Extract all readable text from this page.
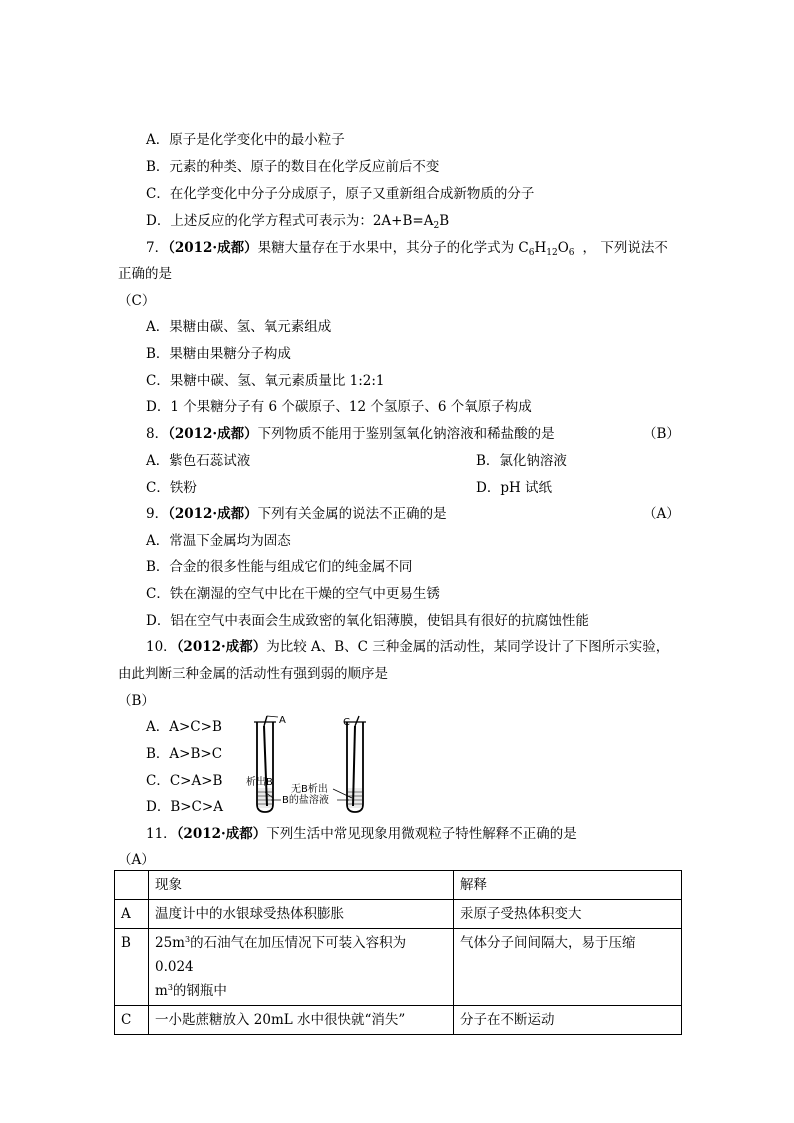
A．原子是化学变化中的最小粒子
B．元素的种类、原子的数目在化学反应前后不变
C．在化学变化中分子分成原子，原子又重新组合成新物质的分子
D．上述反应的化学方程式可表示为：$2A+B=A_2B$
7．（2012·成都）果糖大量存在于水果中，其分子的化学式为 $C_6H_{12}O_6$ ， 下列说法不
正确的是
（C）
A．果糖由碳、氢、氧元素组成
B．果糖由果糖分子构成
C．果糖中碳、氢、氧元素质量比 1:2:1
D．1 个果糖分子有 6 个碳原子、12 个氢原子、6 个氧原子构成
8．（2012·成都）下列物质不能用于鉴别氢氧化钠溶液和稀盐酸的是	（B）
A．紫色石蕊试液	B．氯化钠溶液
C．铁粉	D．pH 试纸
9．（2012·成都）下列有关金属的说法不正确的是	（A）
A．常温下金属均为固态
B．合金的很多性能与组成它们的纯金属不同
C．铁在潮湿的空气中比在干燥的空气中更易生锈
D．铝在空气中表面会生成致密的氧化铝薄膜，使铝具有很好的抗腐蚀性能
10．（2012·成都）为比较 A、B、C 三种金属的活动性，某同学设计了下图所示实验，
由此判断三种金属的活动性有强到弱的顺序是
（B）
A．A>C>B
B．A>B>C
C．C>A>B
D．B>C>A
A	C
无B析出
析出B
B的盐溶液
11．（2012·成都）下列生活中常见现象用微观粒子特性解释不正确的是
（A）
	现象	解释
A	温度计中的水银球受热体积膨胀	汞原子受热体积变大
B	$25m^3$的石油气在加压情况下可装入容积为 0.024
$m^3$的钢瓶中	气体分子间间隔大，易于压缩
C	一小匙蔗糖放入 20mL 水中很快就“消失”	分子在不断运动
